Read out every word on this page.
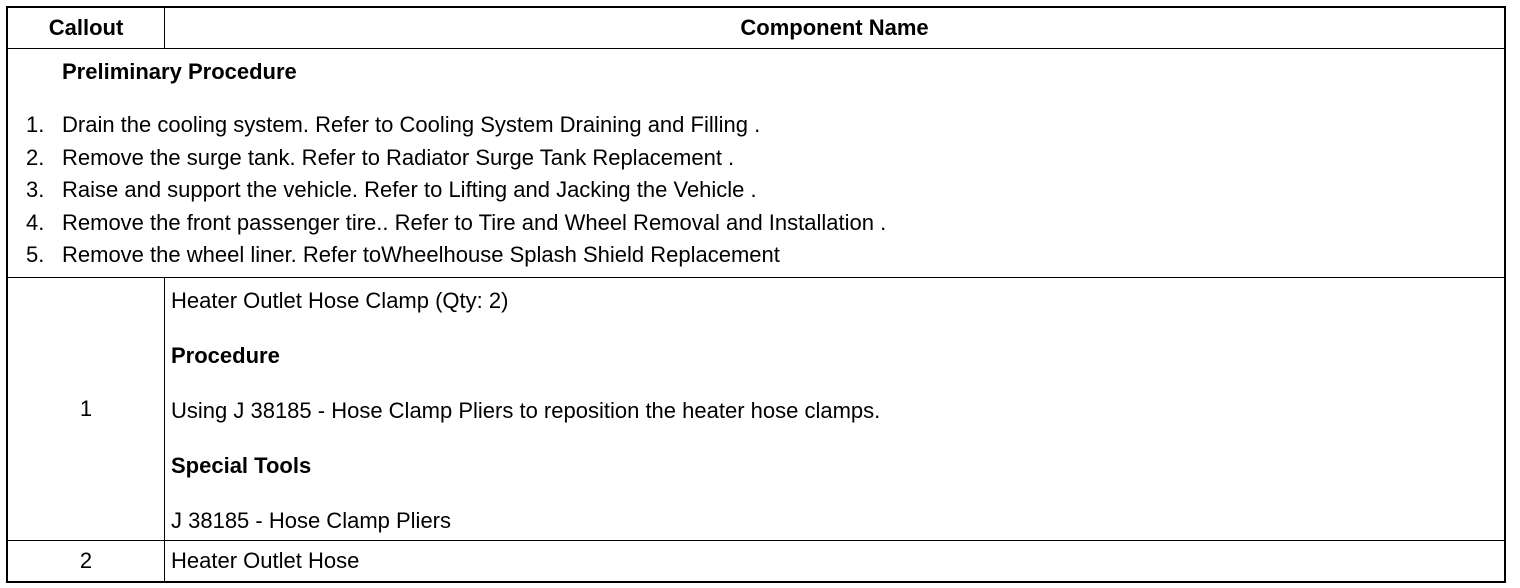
Callout	Component Name
Preliminary Procedure
1. Drain the cooling system. Refer to Cooling System Draining and Filling .
2. Remove the surge tank. Refer to Radiator Surge Tank Replacement .
3. Raise and support the vehicle. Refer to Lifting and Jacking the Vehicle .
4. Remove the front passenger tire.. Refer to Tire and Wheel Removal and Installation .
5. Remove the wheel liner. Refer toWheelhouse Splash Shield Replacement
1

Heater Outlet Hose Clamp (Qty: 2)

Procedure

Using J 38185 - Hose Clamp Pliers to reposition the heater hose clamps.

Special Tools

J 38185 - Hose Clamp Pliers

2	Heater Outlet Hose
